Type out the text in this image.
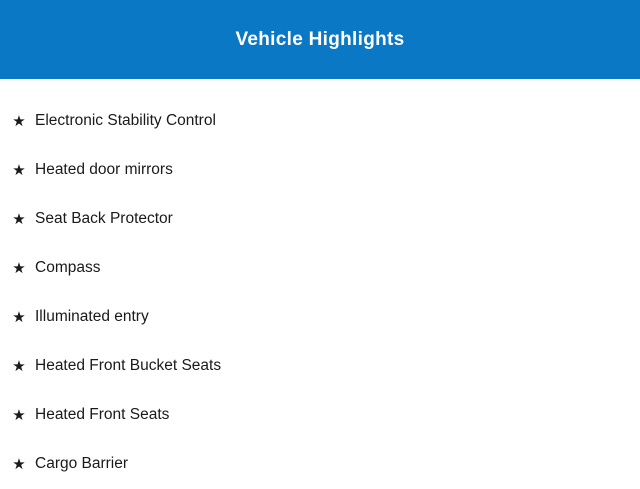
Vehicle Highlights
★ Electronic Stability Control
★ Heated door mirrors
★ Seat Back Protector
★ Compass
★ Illuminated entry
★ Heated Front Bucket Seats
★ Heated Front Seats
★ Cargo Barrier
